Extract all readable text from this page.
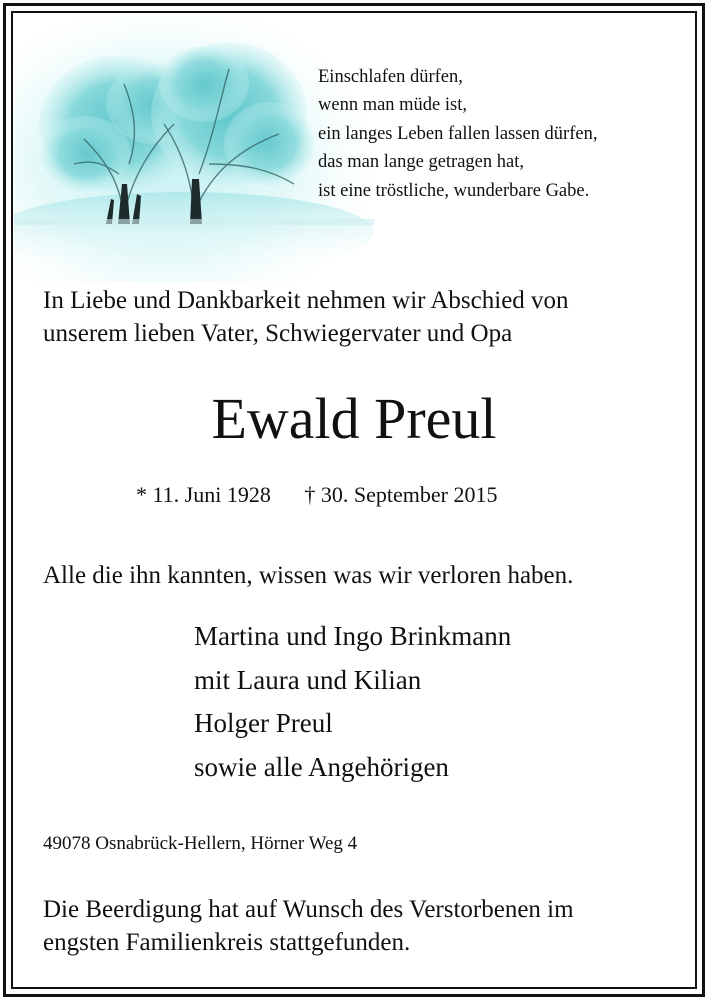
Einschlafen dürfen,
wenn man müde ist,
ein langes Leben fallen lassen dürfen,
das man lange getragen hat,
ist eine tröstliche, wunderbare Gabe.
In Liebe und Dankbarkeit nehmen wir Abschied von
unserem lieben Vater, Schwiegervater und Opa
Ewald Preul
* 11. Juni 1928 † 30. September 2015
Alle die ihn kannten, wissen was wir verloren haben.
Martina und Ingo Brinkmann
mit Laura und Kilian
Holger Preul
sowie alle Angehörigen
49078 Osnabrück-Hellern, Hörner Weg 4
Die Beerdigung hat auf Wunsch des Verstorbenen im
engsten Familienkreis stattgefunden.
